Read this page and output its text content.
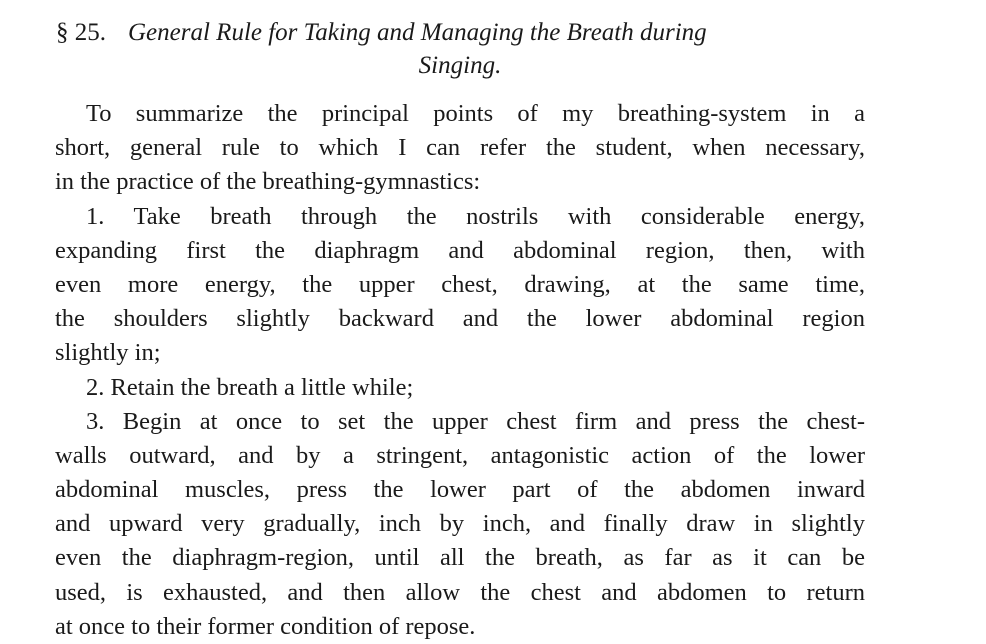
§ 25. General Rule for Taking and Managing the Breath during
Singing.
To summarize the principal points of my breathing-system in a
short, general rule to which I can refer the student, when necessary,
in the practice of the breathing-gymnastics:
1. Take breath through the nostrils with considerable energy,
expanding first the diaphragm and abdominal region, then, with
even more energy, the upper chest, drawing, at the same time,
the shoulders slightly backward and the lower abdominal region
slightly in;
2. Retain the breath a little while;
3. Begin at once to set the upper chest firm and press the chest-
walls outward, and by a stringent, antagonistic action of the lower
abdominal muscles, press the lower part of the abdomen inward
and upward very gradually, inch by inch, and finally draw in slightly
even the diaphragm-region, until all the breath, as far as it can be
used, is exhausted, and then allow the chest and abdomen to return
at once to their former condition of repose.
